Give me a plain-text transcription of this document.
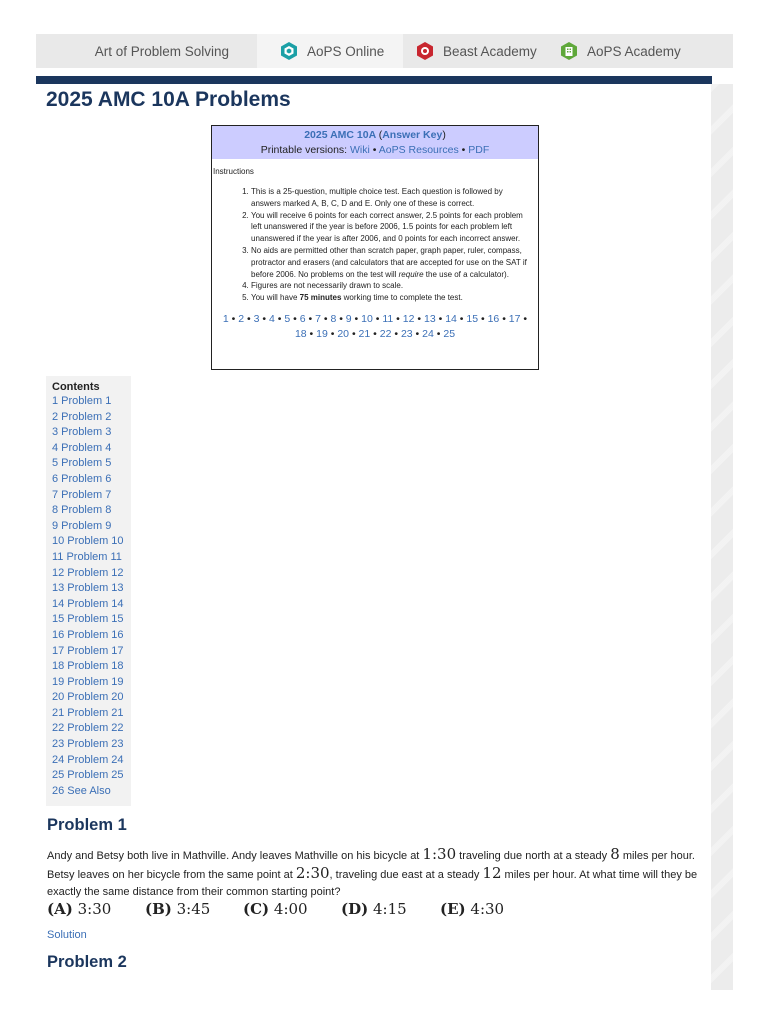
Art of Problem Solving	AoPS Online	Beast Academy	AoPS Academy
2025 AMC 10A Problems
2025 AMC 10A (Answer Key)
Printable versions: Wiki • AoPS Resources • PDF
Instructions
1. This is a 25-question, multiple choice test. Each question is followed by answers marked A, B, C, D and E. Only one of these is correct.
2. You will receive 6 points for each correct answer, 2.5 points for each problem left unanswered if the year is before 2006, 1.5 points for each problem left unanswered if the year is after 2006, and 0 points for each incorrect answer.
3. No aids are permitted other than scratch paper, graph paper, ruler, compass, protractor and erasers (and calculators that are accepted for use on the SAT if before 2006. No problems on the test will require the use of a calculator).
4. Figures are not necessarily drawn to scale.
5. You will have 75 minutes working time to complete the test.
1 • 2 • 3 • 4 • 5 • 6 • 7 • 8 • 9 • 10 • 11 • 12 • 13 • 14 • 15 • 16 • 17 •
18 • 19 • 20 • 21 • 22 • 23 • 24 • 25
Contents
1 Problem 1
2 Problem 2
3 Problem 3
4 Problem 4
5 Problem 5
6 Problem 6
7 Problem 7
8 Problem 8
9 Problem 9
10 Problem 10
11 Problem 11
12 Problem 12
13 Problem 13
14 Problem 14
15 Problem 15
16 Problem 16
17 Problem 17
18 Problem 18
19 Problem 19
20 Problem 20
21 Problem 21
22 Problem 22
23 Problem 23
24 Problem 24
25 Problem 25
26 See Also
Problem 1

Andy and Betsy both live in Mathville. Andy leaves Mathville on his bicycle at 1:30 traveling due north at a steady 8 miles per hour. Betsy leaves on her bicycle from the same point at 2:30, traveling due east at a steady 12 miles per hour. At what time will they be exactly the same distance from their common starting point?

(A) 3:30	(B) 3:45	(C) 4:00	(D) 4:15	(E) 4:30
Solution
Problem 2
